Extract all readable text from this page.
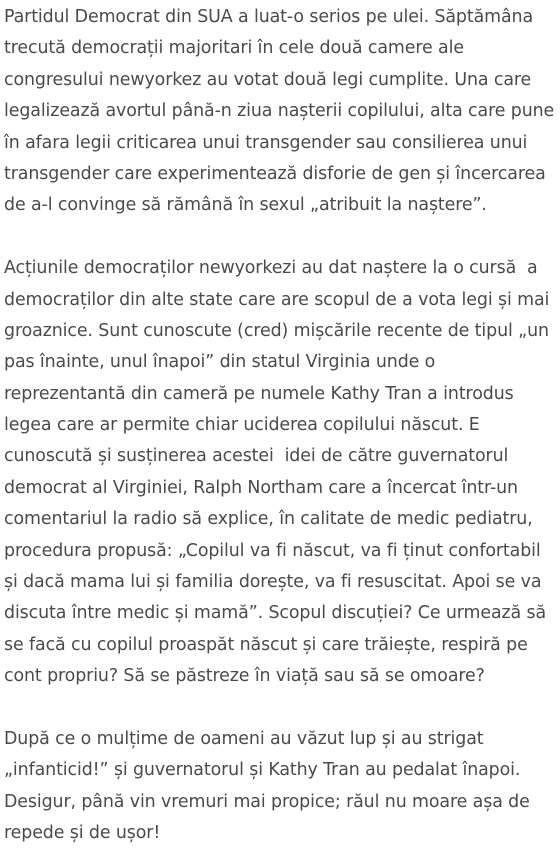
Partidul Democrat din SUA a luat-o serios pe ulei. Săptămâna
trecută democrații majoritari în cele două camere ale
congresului newyorkez au votat două legi cumplite. Una care
legalizează avortul până-n ziua nașterii copilului, alta care pune
în afara legii criticarea unui transgender sau consilierea unui
transgender care experimentează disforie de gen și încercarea
de a-l convinge să rămână în sexul „atribuit la naștere”.

Acțiunile democraților newyorkezi au dat naștere la o cursă  a
democraților din alte state care are scopul de a vota legi și mai
groaznice. Sunt cunoscute (cred) mișcările recente de tipul „un
pas înainte, unul înapoi” din statul Virginia unde o
reprezentantă din cameră pe numele Kathy Tran a introdus
legea care ar permite chiar uciderea copilului născut. E
cunoscută și susținerea acestei  idei de către guvernatorul
democrat al Virginiei, Ralph Northam care a încercat într-un
comentariul la radio să explice, în calitate de medic pediatru,
procedura propusă: „Copilul va fi născut, va fi ținut confortabil
și dacă mama lui și familia dorește, va fi resuscitat. Apoi se va
discuta între medic și mamă”. Scopul discuției? Ce urmează să
se facă cu copilul proaspăt născut și care trăiește, respiră pe
cont propriu? Să se păstreze în viață sau să se omoare?

După ce o mulțime de oameni au văzut lup și au strigat
„infanticid!” și guvernatorul și Kathy Tran au pedalat înapoi.
Desigur, până vin vremuri mai propice; răul nu moare așa de
repede și de ușor!
